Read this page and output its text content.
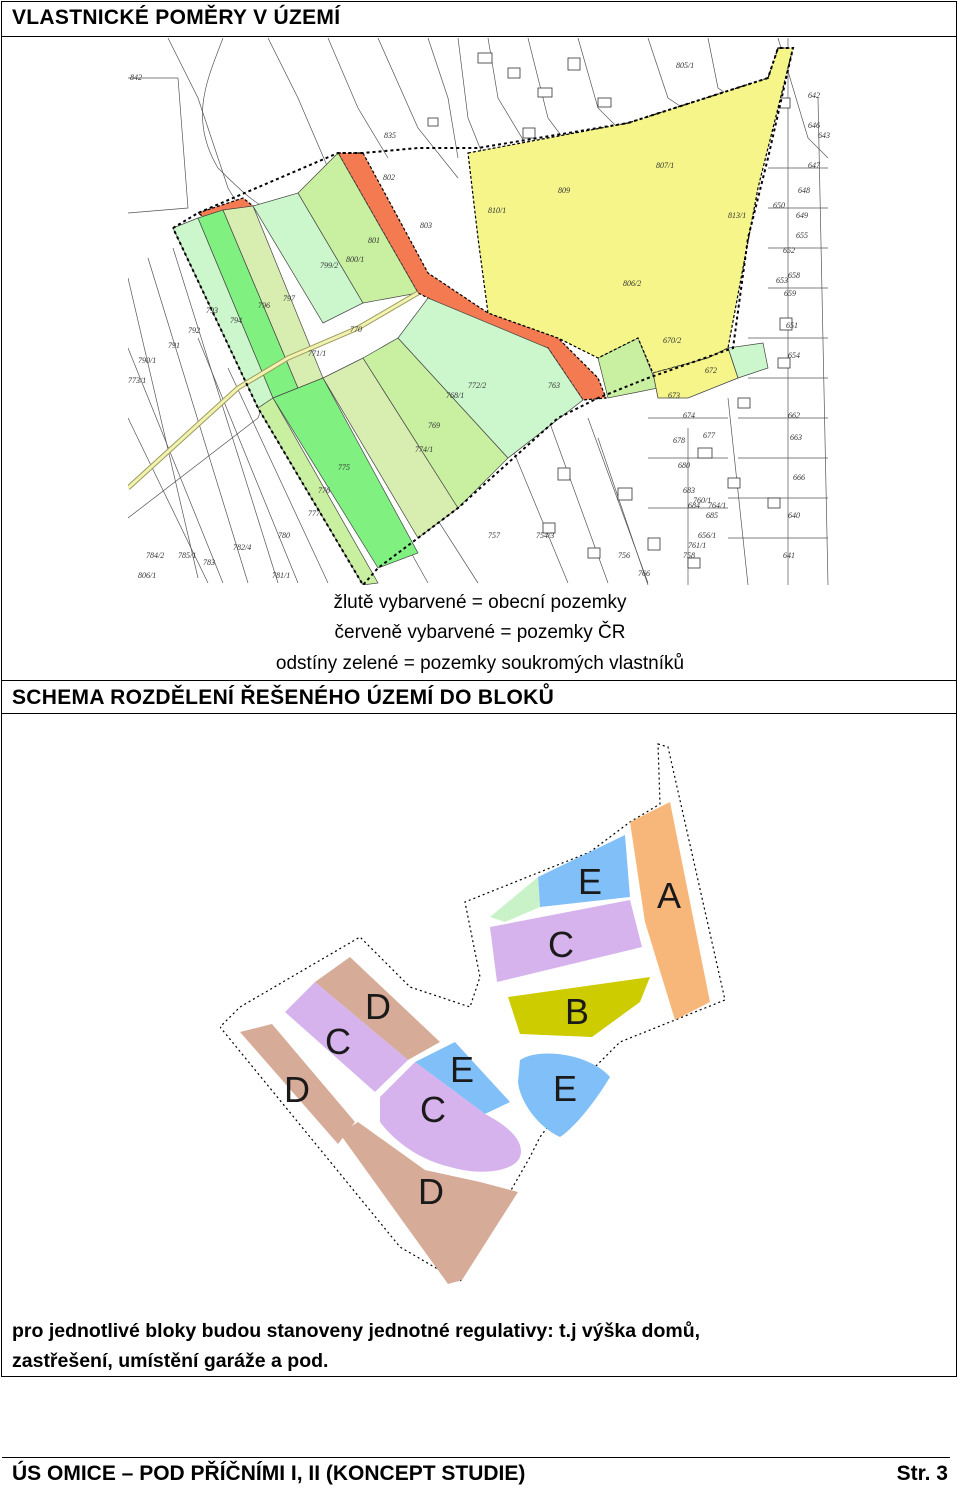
VLASTNICKÉ POMĚRY V ÚZEMÍ
842
835
802
803
801
800/1
799/2
797
796
794
793
792
791
790/1
773/1
771/1
770
769
768/1
772/2
774/1
775
776
777
780
781/1
782/4
783
785/1
784/2
806/1
806/2
810/1
809
807/1
813/1
805/1
670/2
672
673
674
677
678
680
683
684
685
656/1
651
654
655
658
659
662
663
666
640
641
642
643
646
647
648
649
650
652
653
760/1
764/1
761/1
758
754/3
757
756
766
763
žlutě vybarvené = obecní pozemky
červeně vybarvené = pozemky ČR
odstíny zelené = pozemky soukromých vlastníků
SCHEMA ROZDĚLENÍ ŘEŠENÉHO ÚZEMÍ DO BLOKŮ
A
E
C
B
E
D
C
E
C
D
D
pro jednotlivé bloky budou stanoveny jednotné regulativy: t.j výška domů,
zastřešení, umístění garáže a pod.
ÚS OMICE – POD PŘÍČNÍMI I, II (KONCEPT STUDIE)	Str. 3
